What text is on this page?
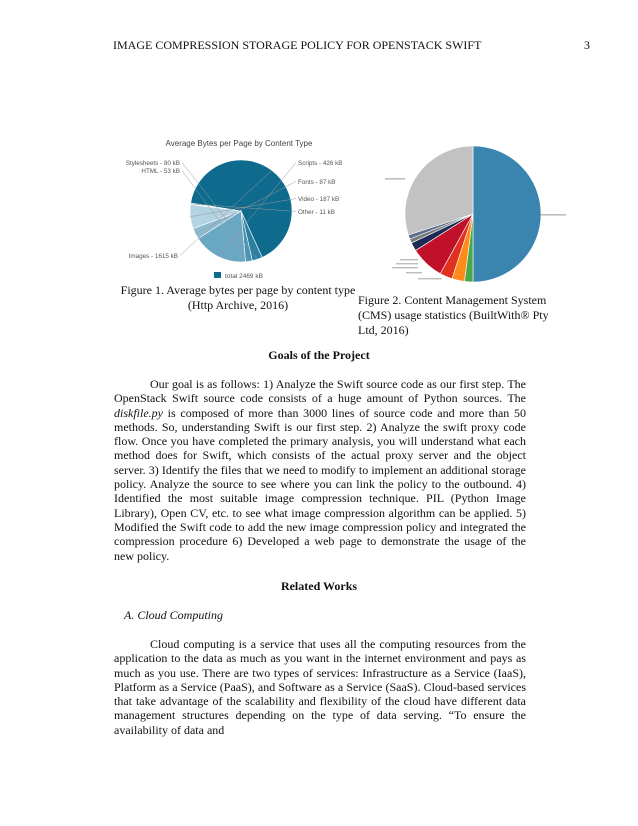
IMAGE COMPRESSION STORAGE POLICY FOR OPENSTACK SWIFT	3
Average Bytes per Page by Content Type
Images - 1615 kB
Stylesheets - 80 kB
HTML - 53 kB
Scripts - 426 kB
Fonts - 87 kB
Video - 187 kB
Other - 11 kB
total 2469 kB
Figure 1. Average bytes per page by content type (Http Archive, 2016)	Figure 2. Content Management System (CMS) usage statistics (BuiltWith® Pty Ltd, 2016)
Goals of the Project

Our goal is as follows: 1) Analyze the Swift source code as our first step. The OpenStack Swift source code consists of a huge amount of Python sources. The diskfile.py is composed of more than 3000 lines of source code and more than 50 methods. So, understanding Swift is our first step. 2) Analyze the swift proxy code flow. Once you have completed the primary analysis, you will understand what each method does for Swift, which consists of the actual proxy server and the object server. 3) Identify the files that we need to modify to implement an additional storage policy. Analyze the source to see where you can link the policy to the outbound. 4) Identified the most suitable image compression technique. PIL (Python Image Library), Open CV, etc. to see what image compression algorithm can be applied. 5) Modified the Swift code to add the new image compression policy and integrated the compression procedure 6) Developed a web page to demonstrate the usage of the new policy.

Related Works
A. Cloud Computing

Cloud computing is a service that uses all the computing resources from the application to the data as much as you want in the internet environment and pays as much as you use. There are two types of services: Infrastructure as a Service (IaaS), Platform as a Service (PaaS), and Software as a Service (SaaS). Cloud-based services that take advantage of the scalability and flexibility of the cloud have different data management structures depending on the type of data serving. “To ensure the availability of data and
